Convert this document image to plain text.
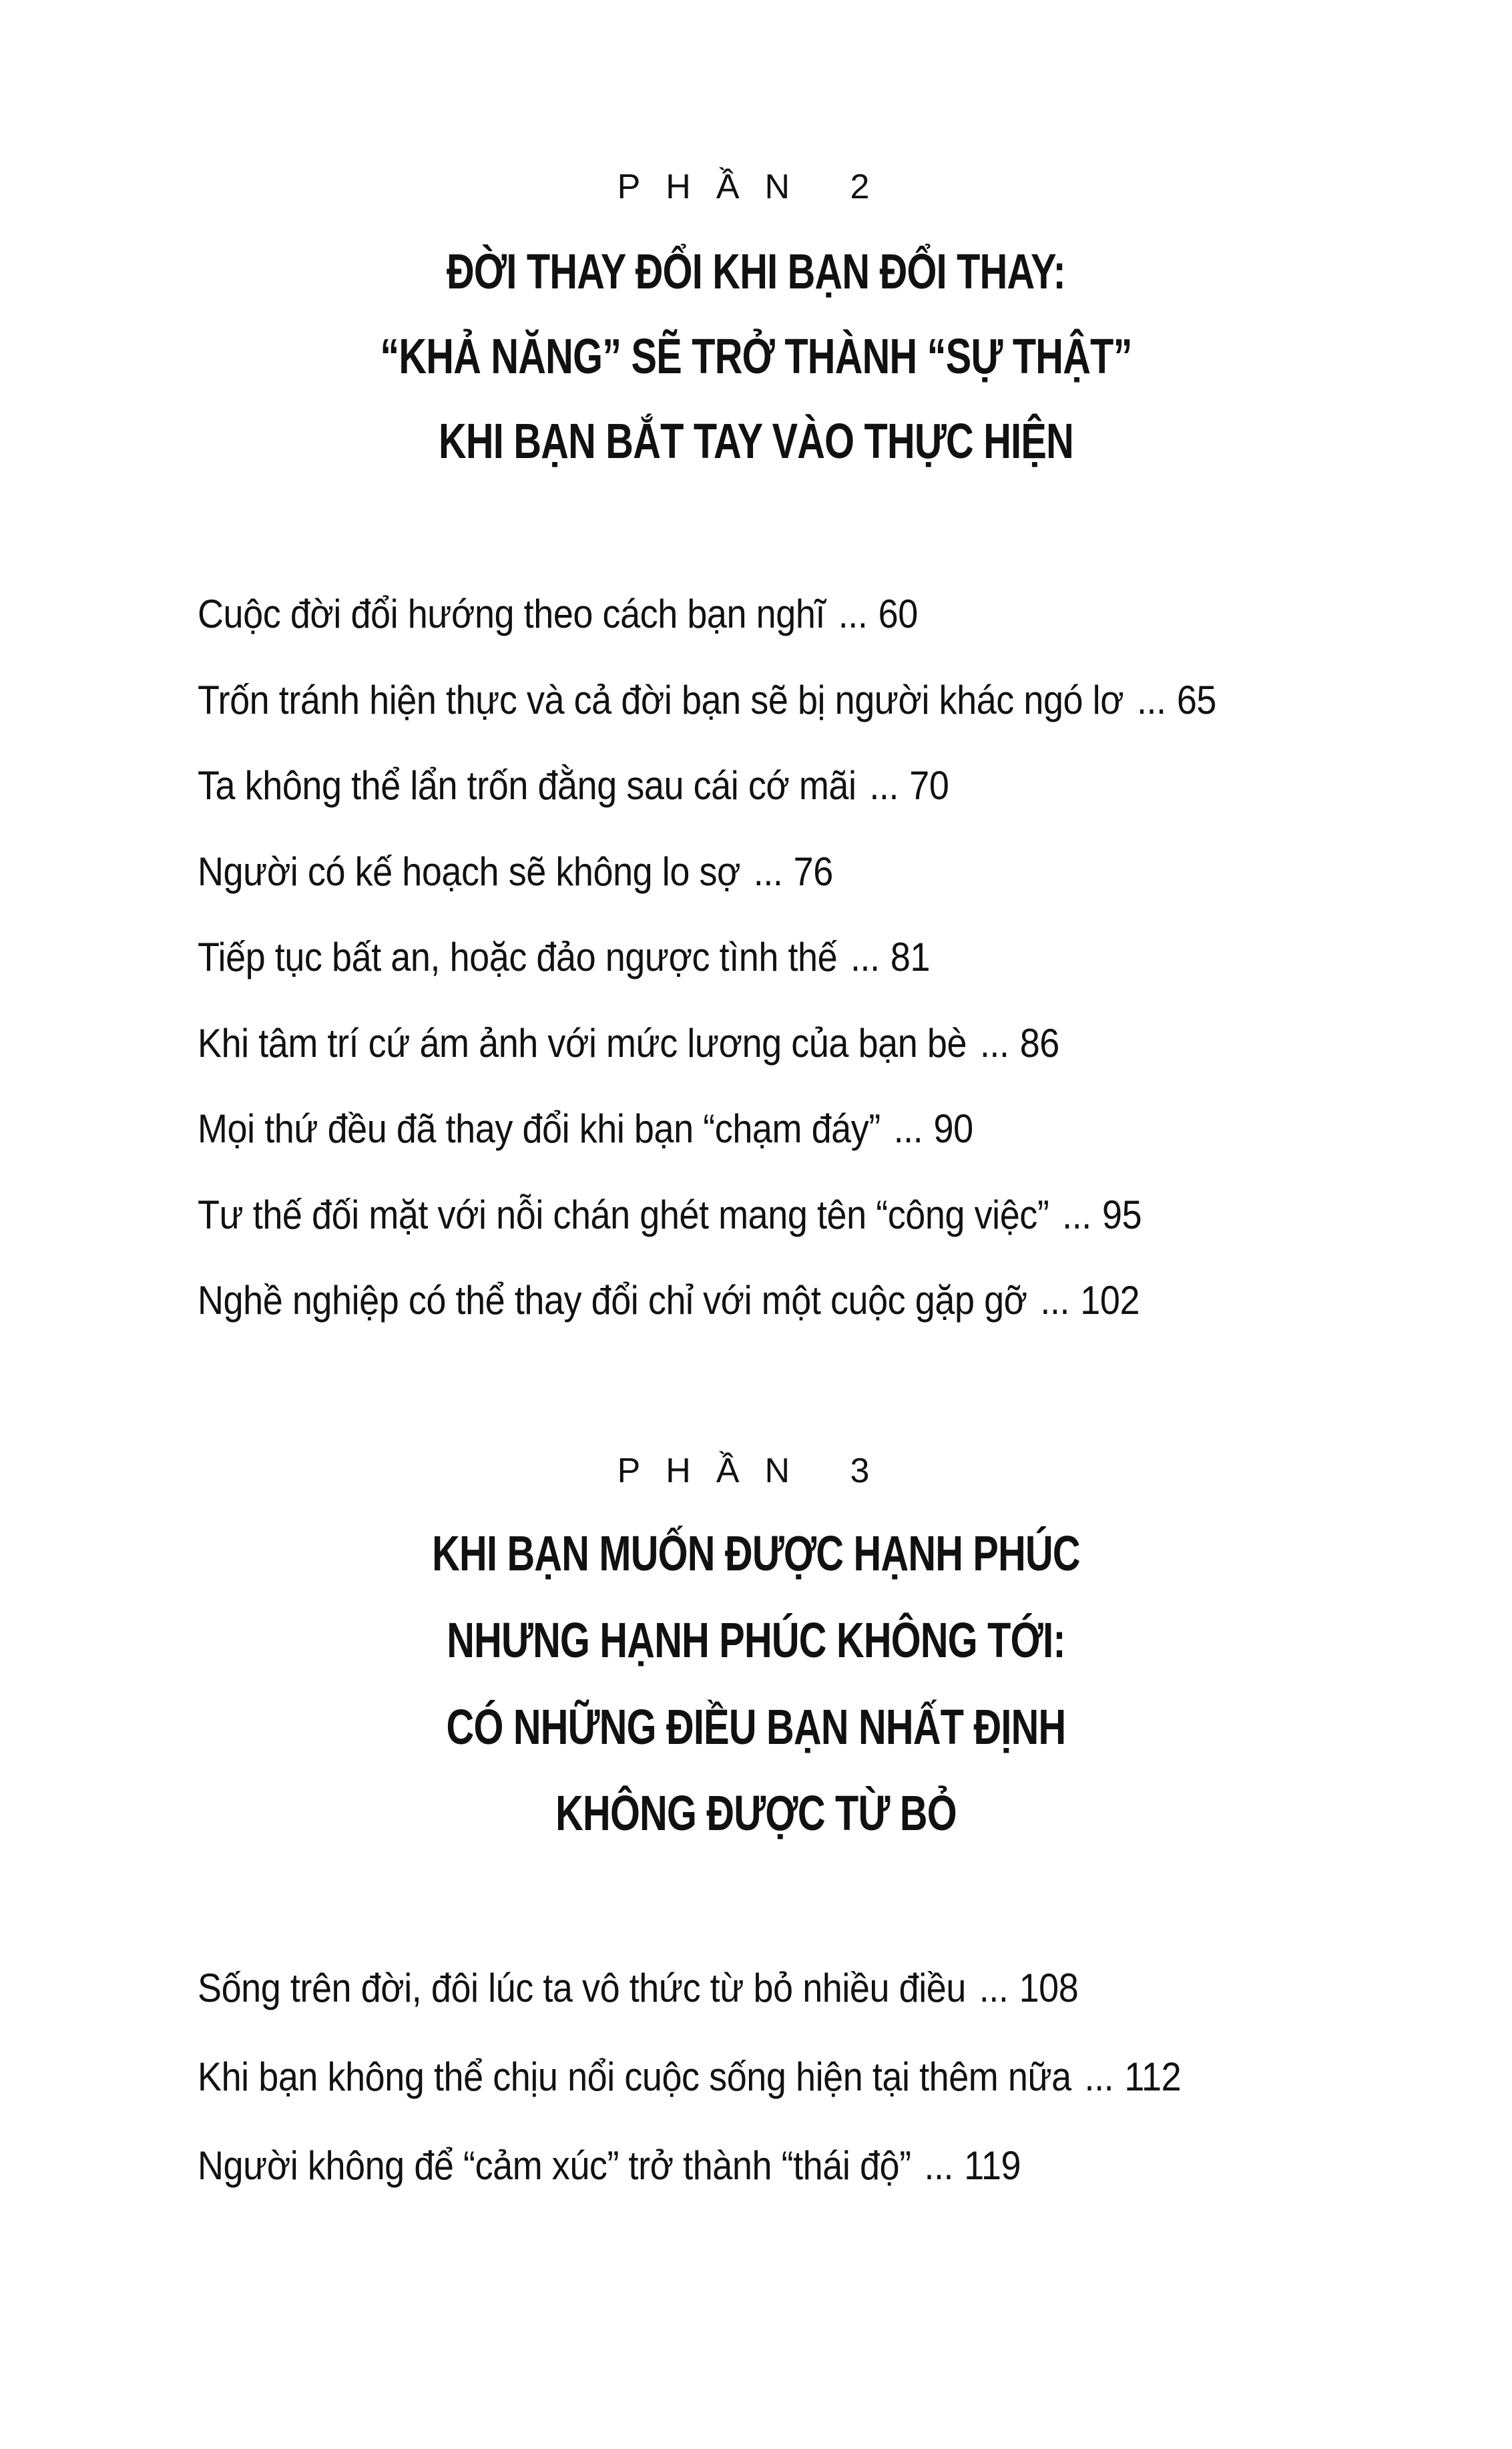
PHẦN 2
ĐỜI THAY ĐỔI KHI BẠN ĐỔI THAY:
“KHẢ NĂNG” SẼ TRỞ THÀNH “SỰ THẬT”
KHI BẠN BẮT TAY VÀO THỰC HIỆN
Cuộc đời đổi hướng theo cách bạn nghĩ ... 60
Trốn tránh hiện thực và cả đời bạn sẽ bị người khác ngó lơ ... 65
Ta không thể lẩn trốn đằng sau cái cớ mãi ... 70
Người có kế hoạch sẽ không lo sợ ... 76
Tiếp tục bất an, hoặc đảo ngược tình thế ... 81
Khi tâm trí cứ ám ảnh với mức lương của bạn bè ... 86
Mọi thứ đều đã thay đổi khi bạn “chạm đáy” ... 90
Tư thế đối mặt với nỗi chán ghét mang tên “công việc” ... 95
Nghề nghiệp có thể thay đổi chỉ với một cuộc gặp gỡ ... 102
PHẦN 3
KHI BẠN MUỐN ĐƯỢC HẠNH PHÚC
NHƯNG HẠNH PHÚC KHÔNG TỚI:
CÓ NHỮNG ĐIỀU BẠN NHẤT ĐỊNH
KHÔNG ĐƯỢC TỪ BỎ
Sống trên đời, đôi lúc ta vô thức từ bỏ nhiều điều ... 108
Khi bạn không thể chịu nổi cuộc sống hiện tại thêm nữa ... 112
Người không để “cảm xúc” trở thành “thái độ” ... 119
